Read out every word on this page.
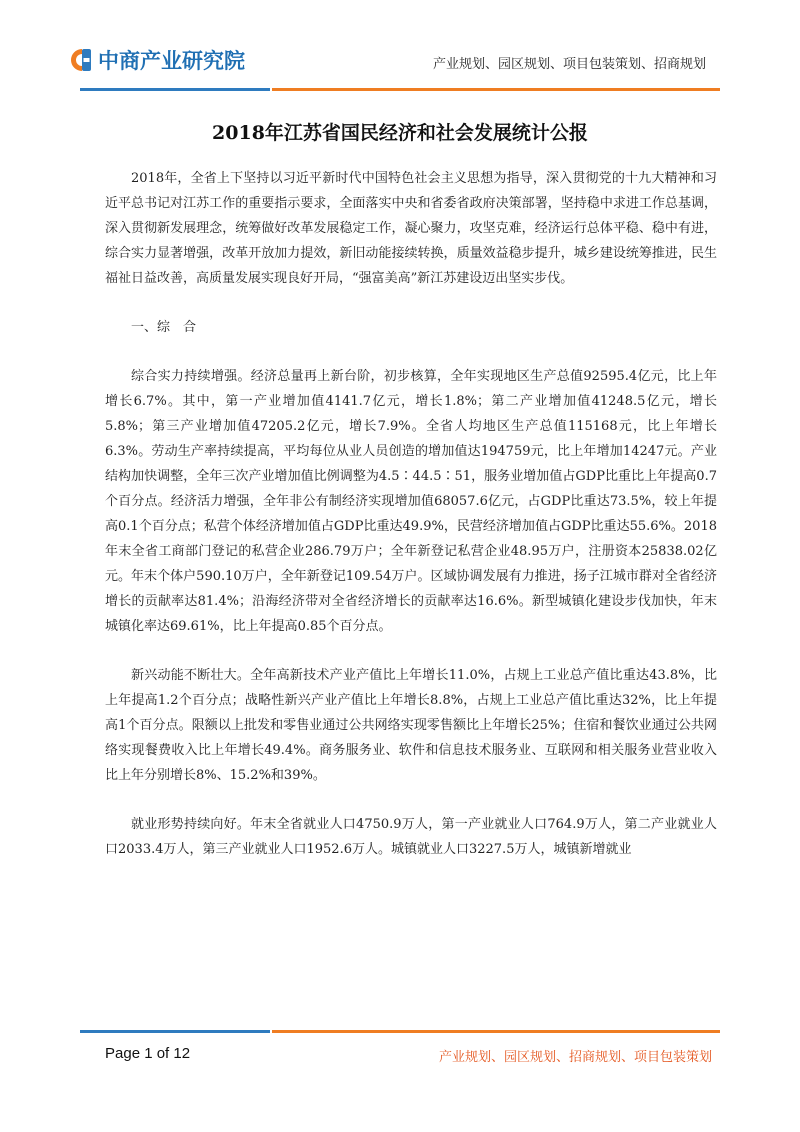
中商产业研究院	产业规划、园区规划、项目包装策划、招商规划
2018年江苏省国民经济和社会发展统计公报

2018年，全省上下坚持以习近平新时代中国特色社会主义思想为指导，深入贯彻党的十九大精神和习近平总书记对江苏工作的重要指示要求，全面落实中央和省委省政府决策部署，坚持稳中求进工作总基调，深入贯彻新发展理念，统筹做好改革发展稳定工作，凝心聚力，攻坚克难，经济运行总体平稳、稳中有进，综合实力显著增强，改革开放加力提效，新旧动能接续转换，质量效益稳步提升，城乡建设统筹推进，民生福祉日益改善，高质量发展实现良好开局，“强富美高”新江苏建设迈出坚实步伐。

一、综　合

综合实力持续增强。经济总量再上新台阶，初步核算，全年实现地区生产总值92595.4亿元，比上年增长6.7%。其中，第一产业增加值4141.7亿元，增长1.8%；第二产业增加值41248.5亿元，增长5.8%；第三产业增加值47205.2亿元，增长7.9%。全省人均地区生产总值115168元，比上年增长6.3%。劳动生产率持续提高，平均每位从业人员创造的增加值达194759元，比上年增加14247元。产业结构加快调整，全年三次产业增加值比例调整为4.5∶44.5∶51，服务业增加值占GDP比重比上年提高0.7个百分点。经济活力增强，全年非公有制经济实现增加值68057.6亿元，占GDP比重达73.5%，较上年提高0.1个百分点；私营个体经济增加值占GDP比重达49.9%，民营经济增加值占GDP比重达55.6%。2018年末全省工商部门登记的私营企业286.79万户；全年新登记私营企业48.95万户，注册资本25838.02亿元。年末个体户590.10万户，全年新登记109.54万户。区域协调发展有力推进，扬子江城市群对全省经济增长的贡献率达81.4%；沿海经济带对全省经济增长的贡献率达16.6%。新型城镇化建设步伐加快，年末城镇化率达69.61%，比上年提高0.85个百分点。

新兴动能不断壮大。全年高新技术产业产值比上年增长11.0%，占规上工业总产值比重达43.8%，比上年提高1.2个百分点；战略性新兴产业产值比上年增长8.8%，占规上工业总产值比重达32%，比上年提高1个百分点。限额以上批发和零售业通过公共网络实现零售额比上年增长25%；住宿和餐饮业通过公共网络实现餐费收入比上年增长49.4%。商务服务业、软件和信息技术服务业、互联网和相关服务业营业收入比上年分别增长8%、15.2%和39%。

就业形势持续向好。年末全省就业人口4750.9万人，第一产业就业人口764.9万人，第二产业就业人口2033.4万人，第三产业就业人口1952.6万人。城镇就业人口3227.5万人，城镇新增就业

Page 1 of 12	产业规划、园区规划、招商规划、项目包装策划
